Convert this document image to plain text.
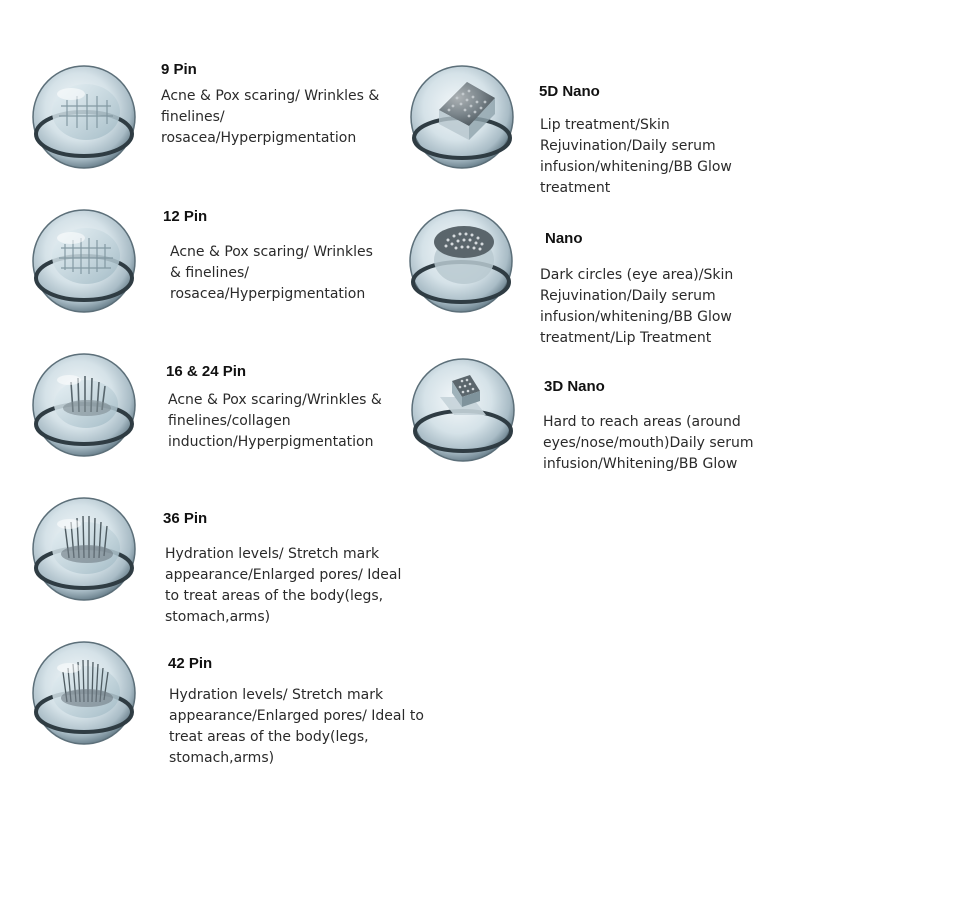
9 Pin
Acne & Pox scaring/ Wrinkles &
finelines/
rosacea/Hyperpigmentation
12 Pin
Acne & Pox scaring/ Wrinkles
& finelines/
rosacea/Hyperpigmentation
16 & 24 Pin
Acne & Pox scaring/Wrinkles &
finelines/collagen
induction/Hyperpigmentation
36 Pin
Hydration levels/ Stretch mark
appearance/Enlarged pores/ Ideal
to treat areas of the body(legs,
stomach,arms)
42 Pin
Hydration levels/ Stretch mark
appearance/Enlarged pores/ Ideal to
treat areas of the body(legs,
stomach,arms)
5D Nano
Lip treatment/Skin
Rejuvination/Daily serum
infusion/whitening/BB Glow
treatment
Nano
Dark circles (eye area)/Skin
Rejuvination/Daily serum
infusion/whitening/BB Glow
treatment/Lip Treatment
3D Nano
Hard to reach areas (around
eyes/nose/mouth)Daily serum
infusion/Whitening/BB Glow
